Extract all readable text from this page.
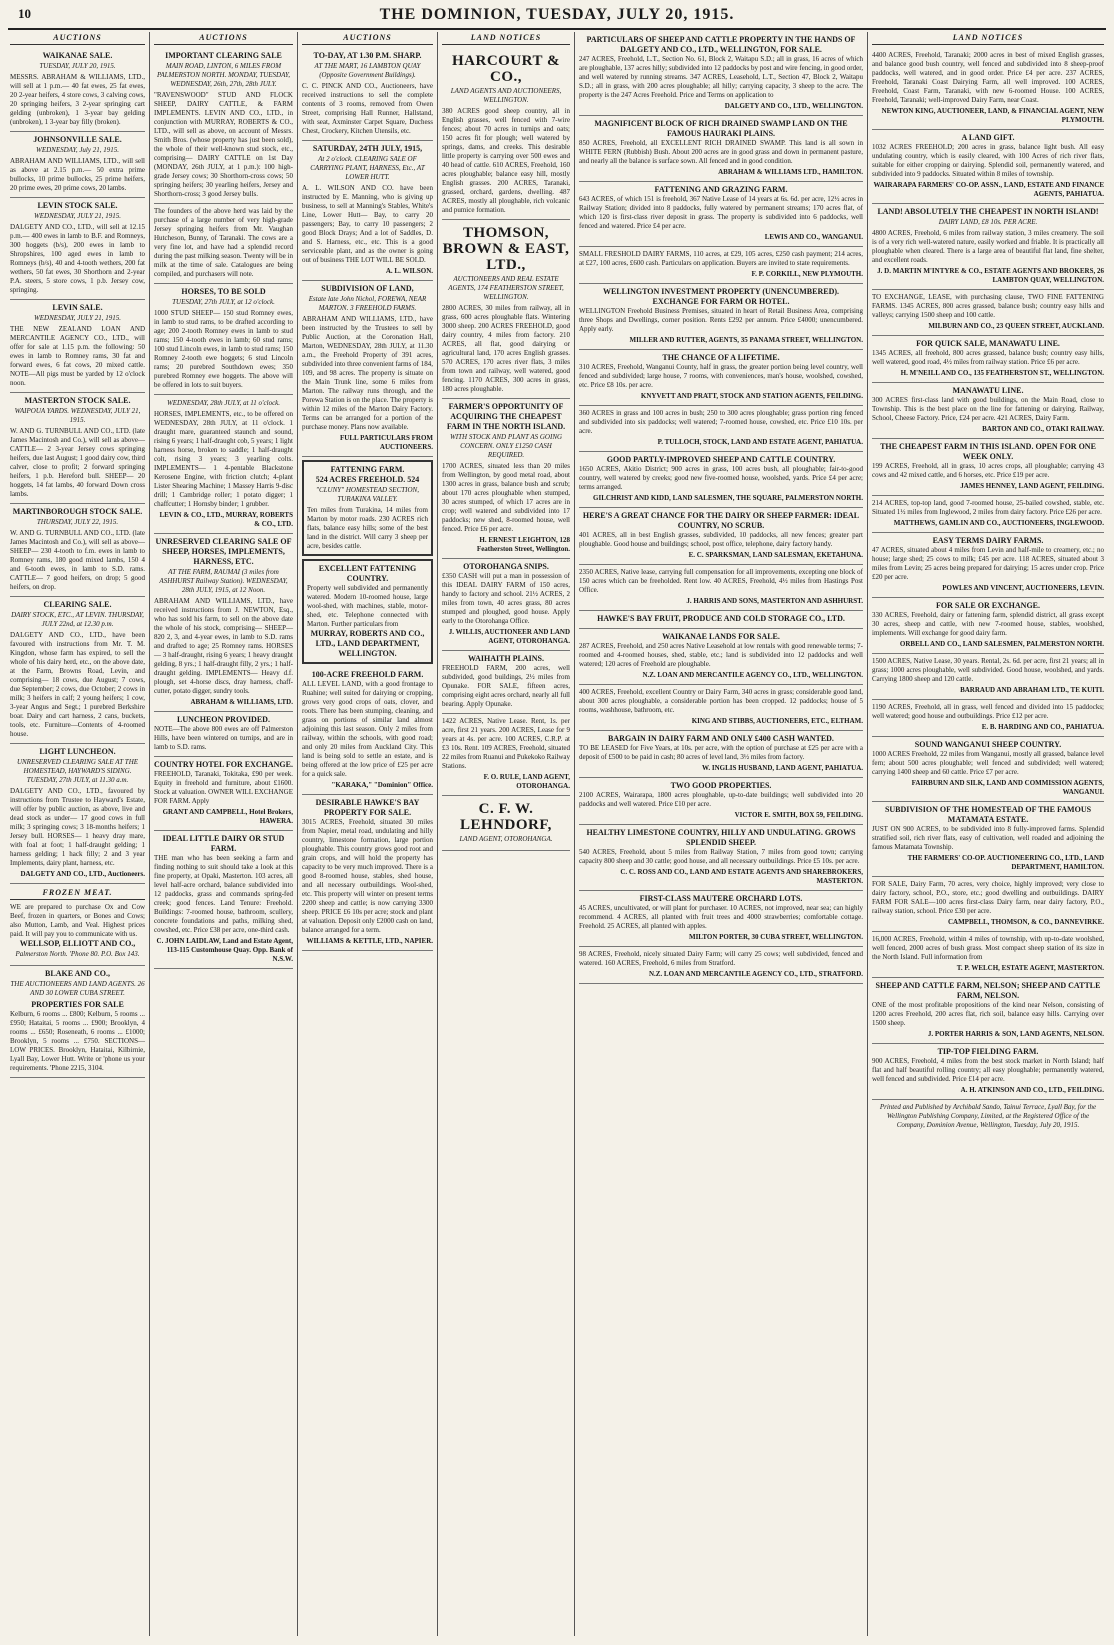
10	THE DOMINION, TUESDAY, JULY 20, 1915.
AUCTIONS
WAIKANAE SALE.
TUESDAY, JULY 20, 1915.
MESSRS. ABRAHAM & WILLIAMS, LTD., will sell at 1 p.m.— 40 fat ewes, 25 fat ewes, 20 2-year heifers, 4 store cows, 3 calving cows, 20 springing heifers, 3 2-year springing cart gelding (unbroken), 1 3-year bay gelding (unbroken), 1 3-year bay filly (broken).
JOHNSONVILLE SALE.
WEDNESDAY, July 21, 1915.
ABRAHAM AND WILLIAMS, LTD., will sell as above at 2.15 p.m.— 50 extra prime bullocks, 10 prime bullocks, 25 prime heifers, 20 prime ewes, 20 prime cows, 20 lambs.
LEVIN STOCK SALE.
WEDNESDAY, JULY 21, 1915.
DALGETY AND CO., LTD., will sell at 12.15 p.m.— 400 ewes in lamb to B.F. and Romneys, 300 hoggets (b/s), 200 ewes in lamb to Shropshires, 100 aged ewes in lamb to Romneys (b/s), 40 and 4-tooth wethers, 200 fat wethers, 50 fat ewes, 30 Shorthorn and 2-year P.A. steers, 5 store cows, 1 p.b. Jersey cow, springing.
LEVIN SALE.
WEDNESDAY, JULY 21, 1915.
THE NEW ZEALAND LOAN AND MERCANTILE AGENCY CO., LTD., will offer for sale at 1.15 p.m. the following: 50 ewes in lamb to Romney rams, 30 fat and forward ewes, 6 fat cows, 20 mixed cattle. NOTE—All pigs must be yarded by 12 o'clock noon.
MASTERTON STOCK SALE.
WAIPOUA YARDS. WEDNESDAY, JULY 21, 1915.
W. AND G. TURNBULL AND CO., LTD. (late James Macintosh and Co.), will sell as above— CATTLE— 2 3-year Jersey cows springing heifers, due last August; 1 good dairy cow, third calver, close to profit; 2 forward springing heifers, 1 p.b. Hereford bull. SHEEP— 20 hoggets, 14 fat lambs, 40 forward Down cross lambs.
MARTINBOROUGH STOCK SALE.
THURSDAY, JULY 22, 1915.
W. AND G. TURNBULL AND CO., LTD. (late James Macintosh and Co.), will sell as above— SHEEP— 230 4-tooth to f.m. ewes in lamb to Romney rams, 180 good mixed lambs, 150 4 and 6-tooth ewes, in lamb to S.D. rams. CATTLE— 7 good heifers, on drop; 5 good heifers, on drop.
CLEARING SALE.
DAIRY STOCK, ETC., AT LEVIN. THURSDAY, JULY 22nd, at 12.30 p.m.
DALGETY AND CO., LTD., have been favoured with instructions from Mr. T. M. Kingdon, whose farm has expired, to sell the whole of his dairy herd, etc., on the above date, at the Farm, Browns Road, Levin, and comprising— 18 cows, due August; 7 cows, due September; 2 cows, due October; 2 cows in milk; 3 heifers in calf; 2 young heifers; 1 cow, 3-year Angus and Segt.; 1 purebred Berkshire boar. Dairy and cart harness, 2 cans, buckets, tools, etc. Furniture—Contents of 4-roomed house.
LIGHT LUNCHEON.
UNRESERVED CLEARING SALE AT THE HOMESTEAD, HAYWARD'S SIDING. TUESDAY, 27th JULY, at 11.30 a.m.
DALGETY AND CO., LTD., favoured by instructions from Trustee to Hayward's Estate, will offer by public auction, as above, live and dead stock as under— 17 good cows in full milk; 3 springing cows; 3 18-months heifers; 1 Jersey bull. HORSES— 1 heavy dray mare, with foal at foot; 1 half-draught gelding; 1 harness gelding; 1 hack filly; 2 and 3 year Implements, dairy plant, harness, etc.
DALGETY AND CO., LTD., Auctioneers.
FROZEN MEAT.
WE are prepared to purchase Ox and Cow Beef, frozen in quarters, or Bones and Cows; also Mutton, Lamb, and Veal. Highest prices paid. It will pay you to communicate with us.
WELLSOP, ELLIOTT AND CO.,
Palmerston North. 'Phone 80. P.O. Box 143.
BLAKE AND CO.,
THE AUCTIONEERS AND LAND AGENTS. 26 AND 30 LOWER CUBA STREET.
PROPERTIES FOR SALE
Kelburn, 6 rooms ... £800; Kelburn, 5 rooms ... £950; Hataitai, 5 rooms ... £900; Brooklyn, 4 rooms ... £650; Roseneath, 6 rooms ... £1000; Brooklyn, 5 rooms ... £750. SECTIONS—LOW PRICES. Brooklyn, Hataitai, Kilbirnie, Lyall Bay, Lower Hutt. Write or 'phone us your requirements. 'Phone 2215, 3104.
AUCTIONS
IMPORTANT CLEARING SALE
MAIN ROAD, LINTON, 6 MILES FROM PALMERSTON NORTH. MONDAY, TUESDAY, WEDNESDAY, 26th, 27th, 28th JULY.
"RAVENSWOOD" STUD AND FLOCK SHEEP, DAIRY CATTLE, & FARM IMPLEMENTS. LEVIN AND CO., LTD., in conjunction with MURRAY, ROBERTS & CO., LTD., will sell as above, on account of Messrs. Smith Bros. (whose property has just been sold), the whole of their well-known stud stock, etc., comprising— DAIRY CATTLE on 1st Day (MONDAY, 26th JULY, at 1 p.m.): 100 high-grade Jersey cows; 30 Shorthorn-cross cows; 50 springing heifers; 30 yearling heifers, Jersey and Shorthorn-cross; 3 good Jersey bulls.
The founders of the above herd was laid by the purchase of a large number of very high-grade Jersey springing heifers from Mr. Vaughan Hutcheson, Bunny, of Taranaki. The cows are a very fine lot, and have had a splendid record during the past milking season. Twenty will be in milk at the time of sale. Catalogues are being compiled, and purchasers will note.
HORSES, TO BE SOLD
TUESDAY, 27th JULY, at 12 o'clock.
1000 STUD SHEEP— 150 stud Romney ewes, in lamb to stud rams, to be drafted according to age; 200 2-tooth Romney ewes in lamb to stud rams; 150 4-tooth ewes in lamb; 60 stud rams; 100 stud Lincoln ewes, in lamb to stud rams; 150 Romney 2-tooth ewe hoggets; 6 stud Lincoln rams; 20 purebred Southdown ewes; 350 purebred Romney ewe hoggets. The above will be offered in lots to suit buyers.
WEDNESDAY, 28th JULY, at 11 o'clock.
HORSES, IMPLEMENTS, etc., to be offered on WEDNESDAY, 28th JULY, at 11 o'clock. 1 draught mare, guaranteed staunch and sound, rising 6 years; 1 half-draught cob, 5 years; 1 light harness horse, broken to saddle; 1 half-draught colt, rising 3 years; 3 yearling colts. IMPLEMENTS— 1 4-pentable Blackstone Kerosene Engine, with friction clutch; 4-plant Lister Shearing Machine; 1 Massey Harris 9-disc drill; 1 Cambridge roller; 1 potato digger; 1 chaffcutter; 1 Hornsby binder; 1 grubber.
LEVIN & CO., LTD., MURRAY, ROBERTS & CO., LTD.
UNRESERVED CLEARING SALE OF SHEEP, HORSES, IMPLEMENTS, HARNESS, ETC.
AT THE FARM, RAUMAI (3 miles from ASHHURST Railway Station). WEDNESDAY, 28th JULY, 1915, at 12 Noon.
ABRAHAM AND WILLIAMS, LTD., have received instructions from J. NEWTON, Esq., who has sold his farm, to sell on the above date the whole of his stock, comprising— SHEEP— 820 2, 3, and 4-year ewes, in lamb to S.D. rams and drafted to age; 25 Romney rams. HORSES— 3 half-draught, rising 6 years; 1 heavy draught gelding, 8 yrs.; 1 half-draught filly, 2 yrs.; 1 half-draught gelding. IMPLEMENTS— Heavy d.f. plough, set 4-horse discs, dray harness, chaff-cutter, potato digger, sundry tools.
ABRAHAM & WILLIAMS, LTD.
LUNCHEON PROVIDED.
NOTE—The above 800 ewes are off Palmerston Hills, have been wintered on turnips, and are in lamb to S.D. rams.
COUNTRY HOTEL FOR EXCHANGE.
FREEHOLD, Taranaki, Tokitaka, £90 per week. Equity in freehold and furniture, about £1600. Stock at valuation. OWNER WILL EXCHANGE FOR FARM. Apply
GRANT AND CAMPBELL, Hotel Brokers, HAWERA.
IDEAL LITTLE DAIRY OR STUD FARM.
THE man who has been seeking a farm and finding nothing to suit should take a look at this fine property, at Opaki, Masterton. 103 acres, all level half-acre orchard, balance subdivided into 12 paddocks, grass and commands spring-fed creek; good fences. Land Tenure: Freehold. Buildings: 7-roomed house, bathroom, scullery, concrete foundations and paths, milking shed, cowshed, etc. Price £38 per acre, one-third cash.
C. JOHN LAIDLAW, Land and Estate Agent, 113-115 Customhouse Quay. Opp. Bank of N.S.W.
AUCTIONS
TO-DAY, AT 1.30 P.M. SHARP.
AT THE MART, 16 LAMBTON QUAY (Opposite Government Buildings).
C. C. PINCK AND CO., Auctioneers, have received instructions to sell the complete contents of 3 rooms, removed from Owen Street, comprising Hall Runner, Hallstand, with seat, Axminster Carpet Square, Duchess Chest, Crockery, Kitchen Utensils, etc.
SATURDAY, 24TH JULY, 1915,
At 2 o'clock. CLEARING SALE OF CARRYING PLANT, HARNESS, Etc., AT LOWER HUTT.
A. L. WILSON AND CO. have been instructed by E. Manning, who is giving up business, to sell at Manning's Stables, White's Line, Lower Hutt— Bay, to carry 20 passengers; Bay, to carry 10 passengers; 2 good Block Drays; And a lot of Saddles, D. and S. Harness, etc., etc. This is a good serviceable plant, and as the owner is going out of business THE LOT WILL BE SOLD.
A. L. WILSON.
SUBDIVISION OF LAND,
Estate late John Nichol, FOREWA, NEAR MARTON. 3 FREEHOLD FARMS.
ABRAHAM AND WILLIAMS, LTD., have been instructed by the Trustees to sell by Public Auction, at the Coronation Hall, Marton, WEDNESDAY, 28th JULY, at 11.30 a.m., the Freehold Property of 391 acres, subdivided into three convenient farms of 184, 109, and 98 acres. The property is situate on the Main Trunk line, some 6 miles from Marton. The railway runs through, and the Porewa Station is on the place. The property is within 12 miles of the Marton Dairy Factory. Terms can be arranged for a portion of the purchase money. Plans now available.
FULL PARTICULARS FROM AUCTIONEERS.
FATTENING FARM.
524 ACRES FREEHOLD. 524
"CLUNY" HOMESTEAD SECTION, TURAKINA VALLEY.
Ten miles from Turakina, 14 miles from Marton by motor roads. 230 ACRES rich flats, balance easy hills; some of the best land in the district. Will carry 3 sheep per acre, besides cattle.
EXCELLENT FATTENING COUNTRY.
Property well subdivided and permanently watered. Modern 10-roomed house, large wool-shed, with machines, stable, motor-shed, etc. Telephone connected with Marton. Further particulars from
MURRAY, ROBERTS AND CO., LTD., LAND DEPARTMENT, WELLINGTON.
100-ACRE FREEHOLD FARM.
ALL LEVEL LAND, with a good frontage to Ruahine; well suited for dairying or cropping, grows very good crops of oats, clover, and roots. There has been stumping, cleaning, and grass on portions of similar land almost adjoining this last season. Only 2 miles from railway, within the schools, with good road; and only 20 miles from Auckland City. This land is being sold to settle an estate, and is being offered at the low price of £25 per acre for a quick sale.
"KARAKA," "Dominion" Office.
DESIRABLE HAWKE'S BAY PROPERTY FOR SALE.
3015 ACRES, Freehold, situated 30 miles from Napier, metal road, undulating and hilly country, limestone formation, large portion ploughable. This country grows good root and grain crops, and will hold the property has capacity to be very much improved. There is a good 8-roomed house, stables, shed house, and all necessary outbuildings. Wool-shed, etc. This property will winter on present terms 2200 sheep and cattle; is now carrying 3300 sheep. PRICE £6 10s per acre; stock and plant at valuation. Deposit only £2000 cash on land, balance arranged for a term.
WILLIAMS & KETTLE, LTD., NAPIER.
LAND NOTICES
HARCOURT & CO.,
LAND AGENTS AND AUCTIONEERS, WELLINGTON.
380 ACRES good sheep country, all in English grasses, well fenced with 7-wire fences; about 70 acres in turnips and oats; 150 acres fit for plough; well watered by springs, dams, and creeks. This desirable little property is carrying over 500 ewes and 40 head of cattle. 610 ACRES, Freehold, 160 acres ploughable; balance easy hill, mostly English grasses. 200 ACRES, Taranaki, grassed, orchard, gardens, dwelling. 487 ACRES, mostly all ploughable, rich volcanic and pumice formation.
THOMSON, BROWN & EAST, LTD.,
AUCTIONEERS AND REAL ESTATE AGENTS, 174 FEATHERSTON STREET, WELLINGTON.
2800 ACRES, 30 miles from railway, all in grass, 600 acres ploughable flats. Wintering 3000 sheep. 200 ACRES FREEHOLD, good dairy country, 4 miles from factory. 210 ACRES, all flat, good dairying or agricultural land, 170 acres English grasses. 570 ACRES, 170 acres river flats, 3 miles from town and railway, well watered, good fencing. 1170 ACRES, 300 acres in grass, 180 acres ploughable.
FARMER'S OPPORTUNITY OF ACQUIRING THE CHEAPEST FARM IN THE NORTH ISLAND.
WITH STOCK AND PLANT AS GOING CONCERN. ONLY £1250 CASH REQUIRED.
1700 ACRES, situated less than 20 miles from Wellington, by good metal road, about 1300 acres in grass, balance bush and scrub; about 170 acres ploughable when stumped, 30 acres stumped, of which 17 acres are in crop; well watered and subdivided into 17 paddocks; new shed, 8-roomed house, well fenced. Price £6 per acre.
H. ERNEST LEIGHTON, 128 Featherston Street, Wellington.
OTOROHANGA SNIPS.
£350 CASH will put a man in possession of this IDEAL DAIRY FARM of 150 acres, handy to factory and school. 21½ ACRES, 2 miles from town, 40 acres grass, 80 acres stumped and ploughed, good house. Apply early to the Otorohanga Office.
J. WILLIS, AUCTIONEER AND LAND AGENT, OTOROHANGA.
WAIHAITH PLAINS.
FREEHOLD FARM, 200 acres, well subdivided, good buildings, 2½ miles from Opunake. FOR SALE, fifteen acres, comprising eight acres orchard, nearly all full bearing. Apply Opunake.
1422 ACRES, Native Lease. Rent, 1s. per acre, first 21 years. 200 ACRES, Lease for 9 years at 4s. per acre. 100 ACRES, C.R.P. at £3 10s. Rent. 109 ACRES, Freehold, situated 22 miles from Ruanui and Pukekoko Railway Stations.
F. O. RULE, LAND AGENT, OTOROHANGA.
C. F. W. LEHNDORF,
LAND AGENT, OTOROHANGA.
PARTICULARS OF SHEEP AND CATTLE PROPERTY IN THE HANDS OF DALGETY AND CO., LTD., WELLINGTON, FOR SALE.
247 ACRES, Freehold, L.T., Section No. 61, Block 2, Waitapu S.D.; all in grass, 16 acres of which are ploughable, 137 acres hilly; subdivided into 12 paddocks by post and wire fencing, in good order, and well watered by running streams. 347 ACRES, Leasehold, L.T., Section 47, Block 2, Waitapu S.D.; all in grass, with 200 acres ploughable; all hilly; carrying capacity, 3 sheep to the acre. The property is the 247 Acres Freehold. Price and Terms on application to
DALGETY AND CO., LTD., WELLINGTON.
MAGNIFICENT BLOCK OF RICH DRAINED SWAMP LAND ON THE FAMOUS HAURAKI PLAINS.
850 ACRES, Freehold, all EXCELLENT RICH DRAINED SWAMP. This land is all sown in WHITE FERN (Rubbish) Bush. About 200 acres are in good grass and down in permanent pasture, and nearly all the balance is surface sown. All fenced and in good condition.
ABRAHAM & WILLIAMS LTD., HAMILTON.
FATTENING AND GRAZING FARM.
643 ACRES, of which 151 is freehold, 367 Native Lease of 14 years at 6s. 6d. per acre, 12½ acres in Railway Station; divided into 8 paddocks, fully watered by permanent streams; 170 acres flat, of which 120 is first-class river deposit in grass. The property is subdivided into 6 paddocks, well fenced and watered. Price £4 per acre.
LEWIS AND CO., WANGANUI.
SMALL FRESHOLD DAIRY FARMS, 110 acres, at £29, 105 acres, £250 cash payment; 214 acres, at £27, 100 acres, £600 cash. Particulars on application. Buyers are invited to state requirements.
F. P. CORKILL, NEW PLYMOUTH.
WELLINGTON INVESTMENT PROPERTY (UNENCUMBERED). EXCHANGE FOR FARM OR HOTEL.
WELLINGTON Freehold Business Premises, situated in heart of Retail Business Area, comprising three Shops and Dwellings, corner position. Rents £292 per annum. Price £4000; unencumbered. Apply early.
MILLER AND RUTTER, AGENTS, 35 PANAMA STREET, WELLINGTON.
THE CHANCE OF A LIFETIME.
310 ACRES, Freehold, Wanganui County, half in grass, the greater portion being level country, well fenced and subdivided; large house, 7 rooms, with conveniences, man's house, woolshed, cowshed, etc. Price £8 10s. per acre.
KNYVETT AND PRATT, STOCK AND STATION AGENTS, FEILDING.
360 ACRES in grass and 100 acres in bush; 250 to 300 acres ploughable; grass portion ring fenced and subdivided into six paddocks; well watered; 7-roomed house, cowshed, etc. Price £10 10s. per acre.
P. TULLOCH, STOCK, LAND AND ESTATE AGENT, PAHIATUA.
GOOD PARTLY-IMPROVED SHEEP AND CATTLE COUNTRY.
1650 ACRES, Akitio District; 900 acres in grass, 100 acres bush, all ploughable; fair-to-good country, well watered by creeks; good new five-roomed house, woolshed, yards. Price £4 per acre; terms arranged.
GILCHRIST AND KIDD, LAND SALESMEN, THE SQUARE, PALMERSTON NORTH.
HERE'S A GREAT CHANCE FOR THE DAIRY OR SHEEP FARMER: IDEAL COUNTRY, NO SCRUB.
401 ACRES, all in best English grasses, subdivided, 10 paddocks, all new fences; greater part ploughable. Good house and buildings; school, post office, telephone, dairy factory handy.
E. C. SPARKSMAN, LAND SALESMAN, EKETAHUNA.
2350 ACRES, Native lease, carrying full compensation for all improvements, excepting one block of 150 acres which can be freeholded. Rent low. 40 ACRES, Freehold, 4½ miles from Hastings Post Office.
J. HARRIS AND SONS, MASTERTON AND ASHHURST.
HAWKE'S BAY FRUIT, PRODUCE AND COLD STORAGE CO., LTD.
WAIKANAE LANDS FOR SALE.
287 ACRES, Freehold, and 250 acres Native Leasehold at low rentals with good renewable terms; 7-roomed and 4-roomed houses, shed, stable, etc.; land is subdivided into 12 paddocks and well watered; 120 acres of Freehold are ploughable.
N.Z. LOAN AND MERCANTILE AGENCY CO., LTD., WELLINGTON.
400 ACRES, Freehold, excellent Country or Dairy Farm, 340 acres in grass; considerable good land, about 300 acres ploughable, a considerable portion has been cropped. 12 paddocks; house of 5 rooms, washhouse, bathroom, etc.
KING AND STIBBS, AUCTIONEERS, ETC., ELTHAM.
BARGAIN IN DAIRY FARM AND ONLY £400 CASH WANTED.
TO BE LEASED for Five Years, at 10s. per acre, with the option of purchase at £25 per acre with a deposit of £500 to be paid in cash; 80 acres of level land, 3½ miles from factory.
W. INGLIS HUSBAND, LAND AGENT, PAHIATUA.
TWO GOOD PROPERTIES.
2100 ACRES, Wairarapa, 1800 acres ploughable, up-to-date buildings; well subdivided into 20 paddocks and well watered. Price £10 per acre.
VICTOR E. SMITH, BOX 59, FEILDING.
HEALTHY LIMESTONE COUNTRY, HILLY AND UNDULATING. GROWS SPLENDID SHEEP.
540 ACRES, Freehold, about 5 miles from Railway Station, 7 miles from good town; carrying capacity 800 sheep and 30 cattle; good house, and all necessary outbuildings. Price £5 10s. per acre.
C. C. ROSS AND CO., LAND AND ESTATE AGENTS AND SHAREBROKERS, MASTERTON.
FIRST-CLASS MAUTERE ORCHARD LOTS.
45 ACRES, uncultivated, or will plant for purchaser. 10 ACRES, not improved, near sea; can highly recommend. 4 ACRES, all planted with fruit trees and 4000 strawberries; comfortable cottage. Freehold. 25 ACRES, all planted with apples.
MILTON PORTER, 30 CUBA STREET, WELLINGTON.
98 ACRES, Freehold, nicely situated Dairy Farm; will carry 25 cows; well subdivided, fenced and watered. 160 ACRES, Freehold, 6 miles from Stratford.
N.Z. LOAN AND MERCANTILE AGENCY CO., LTD., STRATFORD.
LAND NOTICES
4400 ACRES, Freehold, Taranaki; 2000 acres in best of mixed English grasses, and balance good bush country, well fenced and subdivided into 8 sheep-proof paddocks, well watered, and in good order. Price £4 per acre. 237 ACRES, Freehold, Taranaki Coast Dairying Farm, all well improved. 100 ACRES, Freehold, Coast Farm, Taranaki, with new 6-roomed House. 100 ACRES, Freehold, Taranaki; well-improved Dairy Farm, near Coast.
NEWTON KING, AUCTIONEER, LAND, & FINANCIAL AGENT, NEW PLYMOUTH.
A LAND GIFT.
1032 ACRES FREEHOLD; 200 acres in grass, balance light bush. All easy undulating country, which is easily cleared, with 100 Acres of rich river flats, suitable for either cropping or dairying. Splendid soil, permanently watered, and subdivided into 9 paddocks. Situated within 8 miles of township.
WAIRARAPA FARMERS' CO-OP. ASSN., LAND, ESTATE AND FINANCE AGENTS, PAHIATUA.
LAND! ABSOLUTELY THE CHEAPEST IN NORTH ISLAND!
DAIRY LAND, £8 10s. PER ACRE.
4800 ACRES, Freehold, 6 miles from railway station, 3 miles creamery. The soil is of a very rich well-watered nature, easily worked and friable. It is practically all ploughable when cleared. There is a large area of beautiful flat land, fine shelter, and excellent roads.
J. D. MARTIN M'INTYRE & CO., ESTATE AGENTS AND BROKERS, 26 LAMBTON QUAY, WELLINGTON.
TO EXCHANGE, LEASE, with purchasing clause, TWO FINE FATTENING FARMS. 1345 ACRES, 800 acres grassed, balance bush; country easy hills and valleys; carrying 1500 sheep and 100 cattle.
MILBURN AND CO., 23 QUEEN STREET, AUCKLAND.
FOR QUICK SALE, MANAWATU LINE.
1345 ACRES, all freehold, 800 acres grassed, balance bush; country easy hills, well watered, good road, 4½ miles from railway station. Price £6 per acre.
H. M'NEILL AND CO., 135 FEATHERSTON ST., WELLINGTON.
MANAWATU LINE.
300 ACRES first-class land with good buildings, on the Main Road, close to Township. This is the best place on the line for fattening or dairying. Railway, School, Cheese Factory. Price, £24 per acre. 421 ACRES, Dairy Farm.
BARTON AND CO., OTAKI RAILWAY.
THE CHEAPEST FARM IN THIS ISLAND. OPEN FOR ONE WEEK ONLY.
199 ACRES, Freehold, all in grass, 10 acres crops, all ploughable; carrying 43 cows and 42 mixed cattle, and 6 horses, etc. Price £19 per acre.
JAMES HENNEY, LAND AGENT, FEILDING.
214 ACRES, top-top land, good 7-roomed house, 25-bailed cowshed, stable, etc. Situated 1½ miles from Inglewood, 2 miles from dairy factory. Price £26 per acre.
MATTHEWS, GAMLIN AND CO., AUCTIONEERS, INGLEWOOD.
EASY TERMS DAIRY FARMS.
47 ACRES, situated about 4 miles from Levin and half-mile to creamery, etc.; no house; large shed; 25 cows to milk; £45 per acre. 118 ACRES, situated about 3 miles from Levin; 25 acres being prepared for dairying; 15 acres under crop. Price £20 per acre.
POWLES AND VINCENT, AUCTIONEERS, LEVIN.
FOR SALE OR EXCHANGE.
330 ACRES, Freehold, dairy or fattening farm, splendid district, all grass except 30 acres, sheep and cattle, with new 7-roomed house, stables, woolshed, implements. Will exchange for good dairy farm.
ORBELL AND CO., LAND SALESMEN, PALMERSTON NORTH.
1500 ACRES, Native Lease, 30 years. Rental, 2s. 6d. per acre, first 21 years; all in grass; 1000 acres ploughable, well subdivided. Good house, woolshed, and yards. Carrying 1800 sheep and 120 cattle.
BARRAUD AND ABRAHAM LTD., TE KUITI.
1190 ACRES, Freehold, all in grass, well fenced and divided into 15 paddocks; well watered; good house and outbuildings. Price £12 per acre.
E. B. HARDING AND CO., PAHIATUA.
SOUND WANGANUI SHEEP COUNTRY.
1000 ACRES Freehold, 22 miles from Wanganui, mostly all grassed, balance level fern; about 500 acres ploughable; well fenced and subdivided; well watered; carrying 1400 sheep and 60 cattle. Price £7 per acre.
FAIRBURN AND SILK, LAND AND COMMISSION AGENTS, WANGANUI.
SUBDIVISION OF THE HOMESTEAD OF THE FAMOUS MATAMATA ESTATE.
JUST ON 900 ACRES, to be subdivided into 8 fully-improved farms. Splendid stratified soil, rich river flats, easy of cultivation, well roaded and adjoining the famous Matamata Township.
THE FARMERS' CO-OP. AUCTIONEERING CO., LTD., LAND DEPARTMENT, HAMILTON.
FOR SALE, Dairy Farm, 70 acres, very choice, highly improved; very close to dairy factory, school, P.O., store, etc.; good dwelling and outbuildings. DAIRY FARM FOR SALE—100 acres first-class Dairy farm, near dairy factory, P.O., railway station, school. Price £30 per acre.
CAMPBELL, THOMSON, & CO., DANNEVIRKE.
16,000 ACRES, Freehold, within 4 miles of township, with up-to-date woolshed, well fenced, 2000 acres of bush grass. Most compact sheep station of its size in the North Island. Full information from
T. P. WELCH, ESTATE AGENT, MASTERTON.
SHEEP AND CATTLE FARM, NELSON; SHEEP AND CATTLE FARM, NELSON.
ONE of the most profitable propositions of the kind near Nelson, consisting of 1200 acres Freehold, 200 acres flat, rich soil, balance easy hills. Carrying over 1500 sheep.
J. PORTER HARRIS & SON, LAND AGENTS, NELSON.
TIP-TOP FIELDING FARM.
900 ACRES, Freehold, 4 miles from the best stock market in North Island; half flat and half beautiful rolling country; all easy ploughable; permanently watered, well fenced and subdivided. Price £14 per acre.
A. H. ATKINSON AND CO., LTD., FEILDING.
Printed and Published by Archibald Sando, Tainui Terrace, Lyall Bay, for the Wellington Publishing Company, Limited, at the Registered Office of the Company, Dominion Avenue, Wellington, Tuesday, July 20, 1915.
